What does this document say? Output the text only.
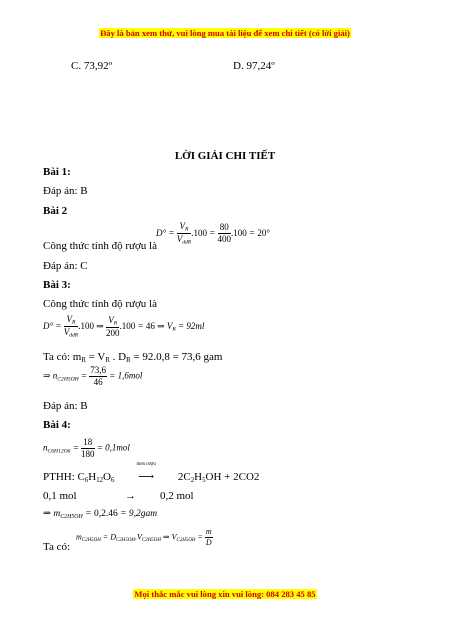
Đây là bản xem thử, vui lòng mua tài liệu để xem chi tiết (có lời giải)
C. 73,92º	D. 97,24º
LỜI GIẢI CHI TIẾT
Bài 1:
Đáp án: B
Bài 2
Công thức tính độ rượu là
$D^\circ = \frac{V_R}{V_{ddR}} .100 = \frac{80}{400} .100 = 20^\circ$
Đáp án: C
Bài 3:
Công thức tính độ rượu là
$D^\circ = \frac{V_R}{V_{ddR}} .100$ ⇒ $\frac{V_R}{200} .100 = 46$ ⇒ $V_R = 92ml$
Ta có: $m_R = V_R$ . $D_R = 92.0,8 = 73,6$ gam
⇒ $n_{C2H5OH} = \frac{73,6}{46} = 1,6mol$
Đáp án: B
Bài 4:
$n_{C6H12O6} = \frac{18}{180} = 0,1mol$
PTHH: $C_6H_{12}O_6$
men rượu
⟶ $2C_2H_5OH + 2CO2$
0,1 mol	→ 0,2 mol
⇒ $m_{C2H5OH} = 0,2.46 = 9,2gam$
Ta có:
$m_{C2H5OH} = D_{C2H5OH}.V_{C2H5OH}$ ⇒ $V_{C2H5OH} = \frac{m}{D}$
Mọi thắc mắc vui lòng xin vui lòng: 084 283 45 85
